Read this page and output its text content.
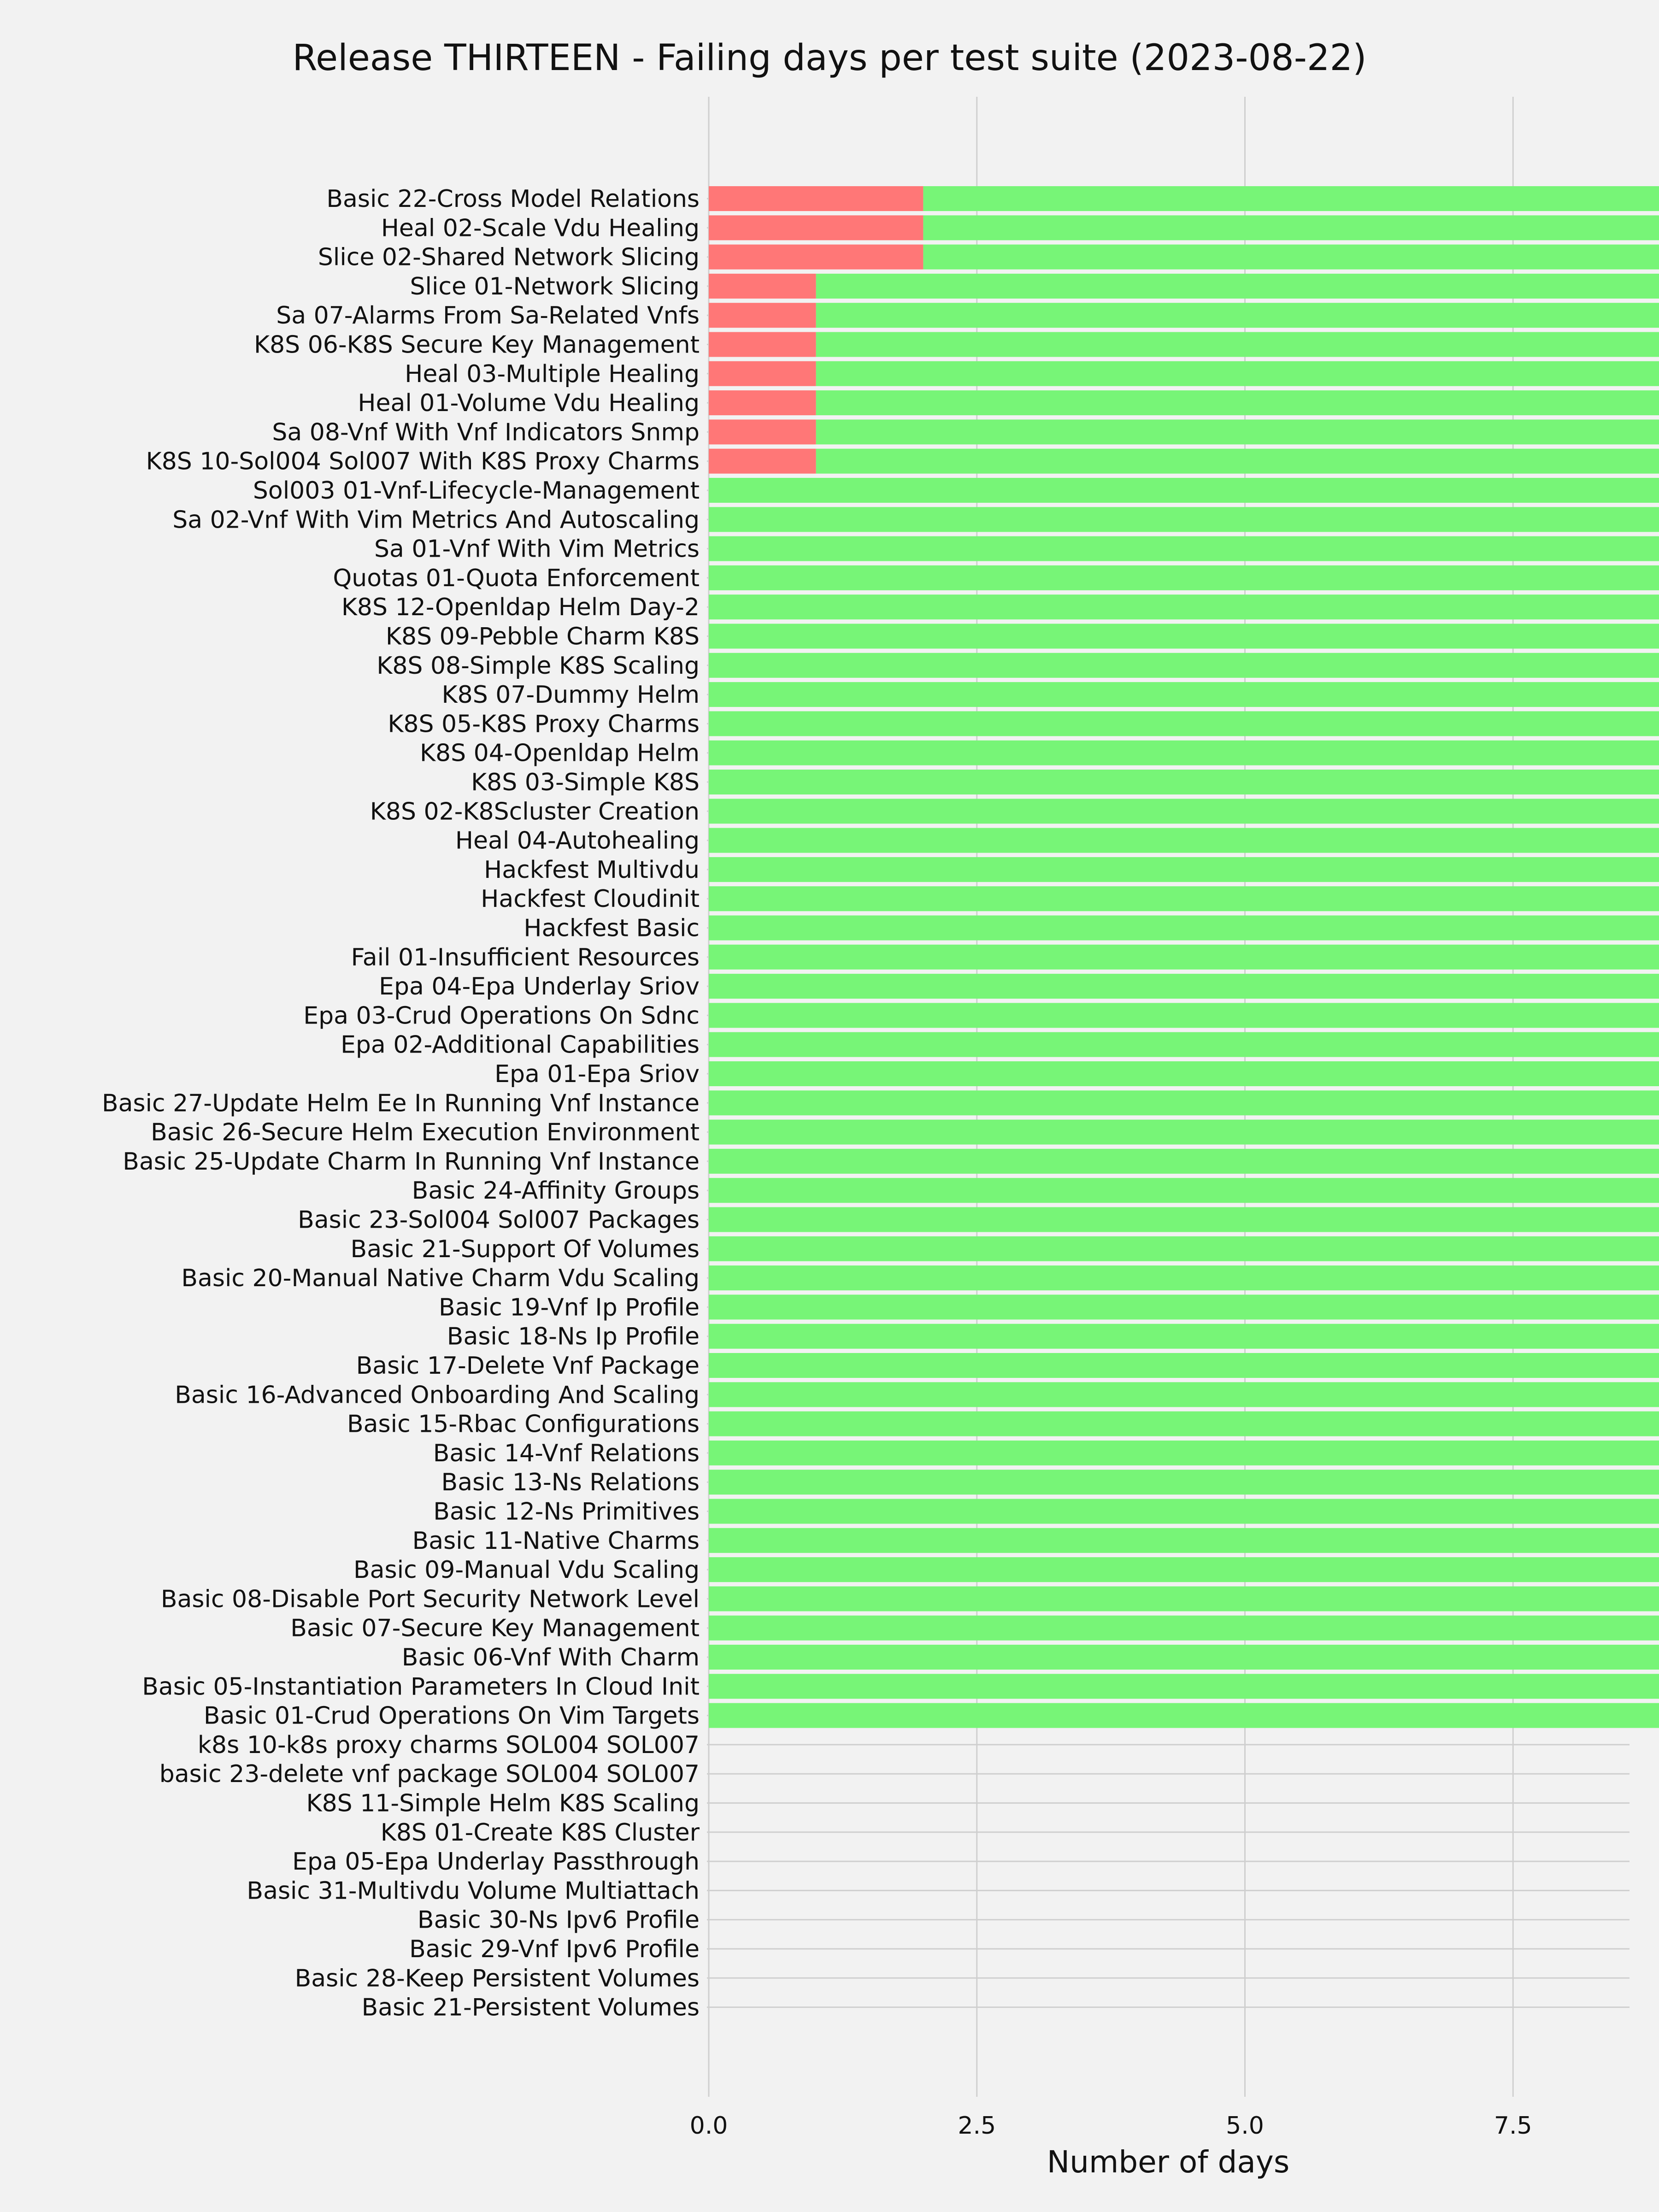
Release THIRTEEN - Failing days per test suite (2023-08-22)
Basic 22-Cross Model Relations
Heal 02-Scale Vdu Healing
Slice 02-Shared Network Slicing
Slice 01-Network Slicing
Sa 07-Alarms From Sa-Related Vnfs
K8S 06-K8S Secure Key Management
Heal 03-Multiple Healing
Heal 01-Volume Vdu Healing
Sa 08-Vnf With Vnf Indicators Snmp
K8S 10-Sol004 Sol007 With K8S Proxy Charms
Sol003 01-Vnf-Lifecycle-Management
Sa 02-Vnf With Vim Metrics And Autoscaling
Sa 01-Vnf With Vim Metrics
Quotas 01-Quota Enforcement
K8S 12-Openldap Helm Day-2
K8S 09-Pebble Charm K8S
K8S 08-Simple K8S Scaling
K8S 07-Dummy Helm
K8S 05-K8S Proxy Charms
K8S 04-Openldap Helm
K8S 03-Simple K8S
K8S 02-K8Scluster Creation
Heal 04-Autohealing
Hackfest Multivdu
Hackfest Cloudinit
Hackfest Basic
Fail 01-Insufficient Resources
Epa 04-Epa Underlay Sriov
Epa 03-Crud Operations On Sdnc
Epa 02-Additional Capabilities
Epa 01-Epa Sriov
Basic 27-Update Helm Ee In Running Vnf Instance
Basic 26-Secure Helm Execution Environment
Basic 25-Update Charm In Running Vnf Instance
Basic 24-Affinity Groups
Basic 23-Sol004 Sol007 Packages
Basic 21-Support Of Volumes
Basic 20-Manual Native Charm Vdu Scaling
Basic 19-Vnf Ip Profile
Basic 18-Ns Ip Profile
Basic 17-Delete Vnf Package
Basic 16-Advanced Onboarding And Scaling
Basic 15-Rbac Configurations
Basic 14-Vnf Relations
Basic 13-Ns Relations
Basic 12-Ns Primitives
Basic 11-Native Charms
Basic 09-Manual Vdu Scaling
Basic 08-Disable Port Security Network Level
Basic 07-Secure Key Management
Basic 06-Vnf With Charm
Basic 05-Instantiation Parameters In Cloud Init
Basic 01-Crud Operations On Vim Targets
k8s 10-k8s proxy charms SOL004 SOL007
basic 23-delete vnf package SOL004 SOL007
K8S 11-Simple Helm K8S Scaling
K8S 01-Create K8S Cluster
Epa 05-Epa Underlay Passthrough
Basic 31-Multivdu Volume Multiattach
Basic 30-Ns Ipv6 Profile
Basic 29-Vnf Ipv6 Profile
Basic 28-Keep Persistent Volumes
Basic 21-Persistent Volumes
0.0	2.5	5.0	7.5
Number of days
